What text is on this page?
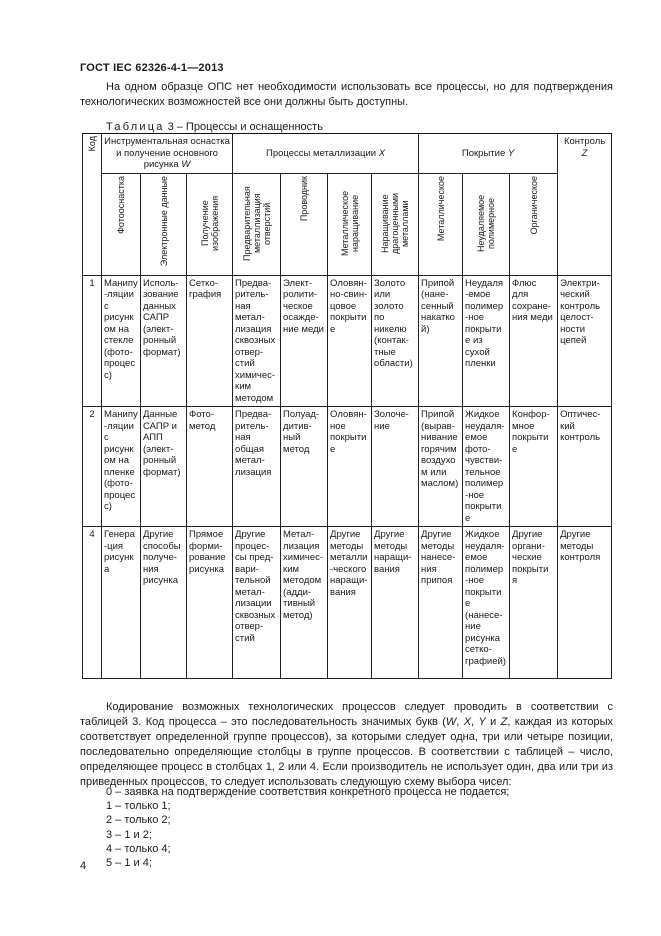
ГОСТ IEC 62326-4-1—2013
На одном образце ОПС нет необходимости использовать все процессы, но для подтверждения технологических возможностей все они должны быть доступны.
Таблица 3 – Процессы и оснащенность
Код	Инструментальная оснастка и получение основного рисунка W			Процессы металлизации X				Покрытие Y			Контроль Z

	Фотооснастка	Электронные данные	Получение изображения	Предварительная металлизация отверстий	Проводник	Металлическое наращивание	Наращивание драгоценными металлами	Металлическое	Неудаляемое полимерное	Органическое	

1	Манипу-ляции с рисунком на стекле (фото-процесс)	Исполь-зование данных САПР (элект-ронный формат)	Сетко-графия	Предва-ритель-ная метал-лизация сквозных отвер-стий химичес-ким методом	Элект-ролити-ческое осажде-ние меди	Оловян-но-свин-цовое покрыти е	Золото или золото по никелю (контак-тные области)	Припой (нане-сенный накаткой)	Неудаля -емое полимер -ное покрыти е из сухой пленки	Флюс для сохране-ния меди	Электри-ческий контроль целост-ности цепей
2	Манипу-ляции с рисунком на пленке (фото-процесс)	Данные САПР и АПП (элект-ронный формат)	Фото-метод	Предва-ритель-ная общая метал-лизация	Полуад-дитив-ный метод	Оловян-ное покрыти е	Золоче-ние	Припой (вырав-нивание горячим воздухом или маслом)	Жидкое неудаля-емое фото-чувстви-тельное полимер -ное покрыти е	Конфор-мное покрыти е	Оптичес-кий контроль
4	Генера -ция рисунк а	Другие способы получе-ния рисунка	Прямое форми-рование рисунка	Другие процес-сы пред-вари-тельной метал-лизации сквозных отвер-стий	Метал-лизация химичес-ким методом (адди-тивный метод)	Другие методы металли-ческого наращи-вания	Другие методы наращи-вания	Другие методы нанесе-ния припоя	Жидкое неудаля-емое полимер -ное покрыти е (нанесе-ние рисунка сетко-графией)	Другие органи-ческие покрыти я	Другие методы контроля

Кодирование возможных технологических процессов следует проводить в соответствии с таблицей 3. Код процесса – это последовательность значимых букв (W, X, Y и Z, каждая из которых соответствует определенной группе процессов), за которыми следует одна, три или четыре позиции, последовательно определяющие столбцы в группе процессов. В соответствии с таблицей – число, определяющее процесс в столбцах 1, 2 или 4. Если производитель не использует один, два или три из приведенных процессов, то следует использовать следующую схему выбора чисел:

0 – заявка на подтверждение соответствия конкретного процесса не подается;
1 – только 1;
2 – только 2;
3 – 1 и 2;
4 – только 4;
5 – 1 и 4;
4
